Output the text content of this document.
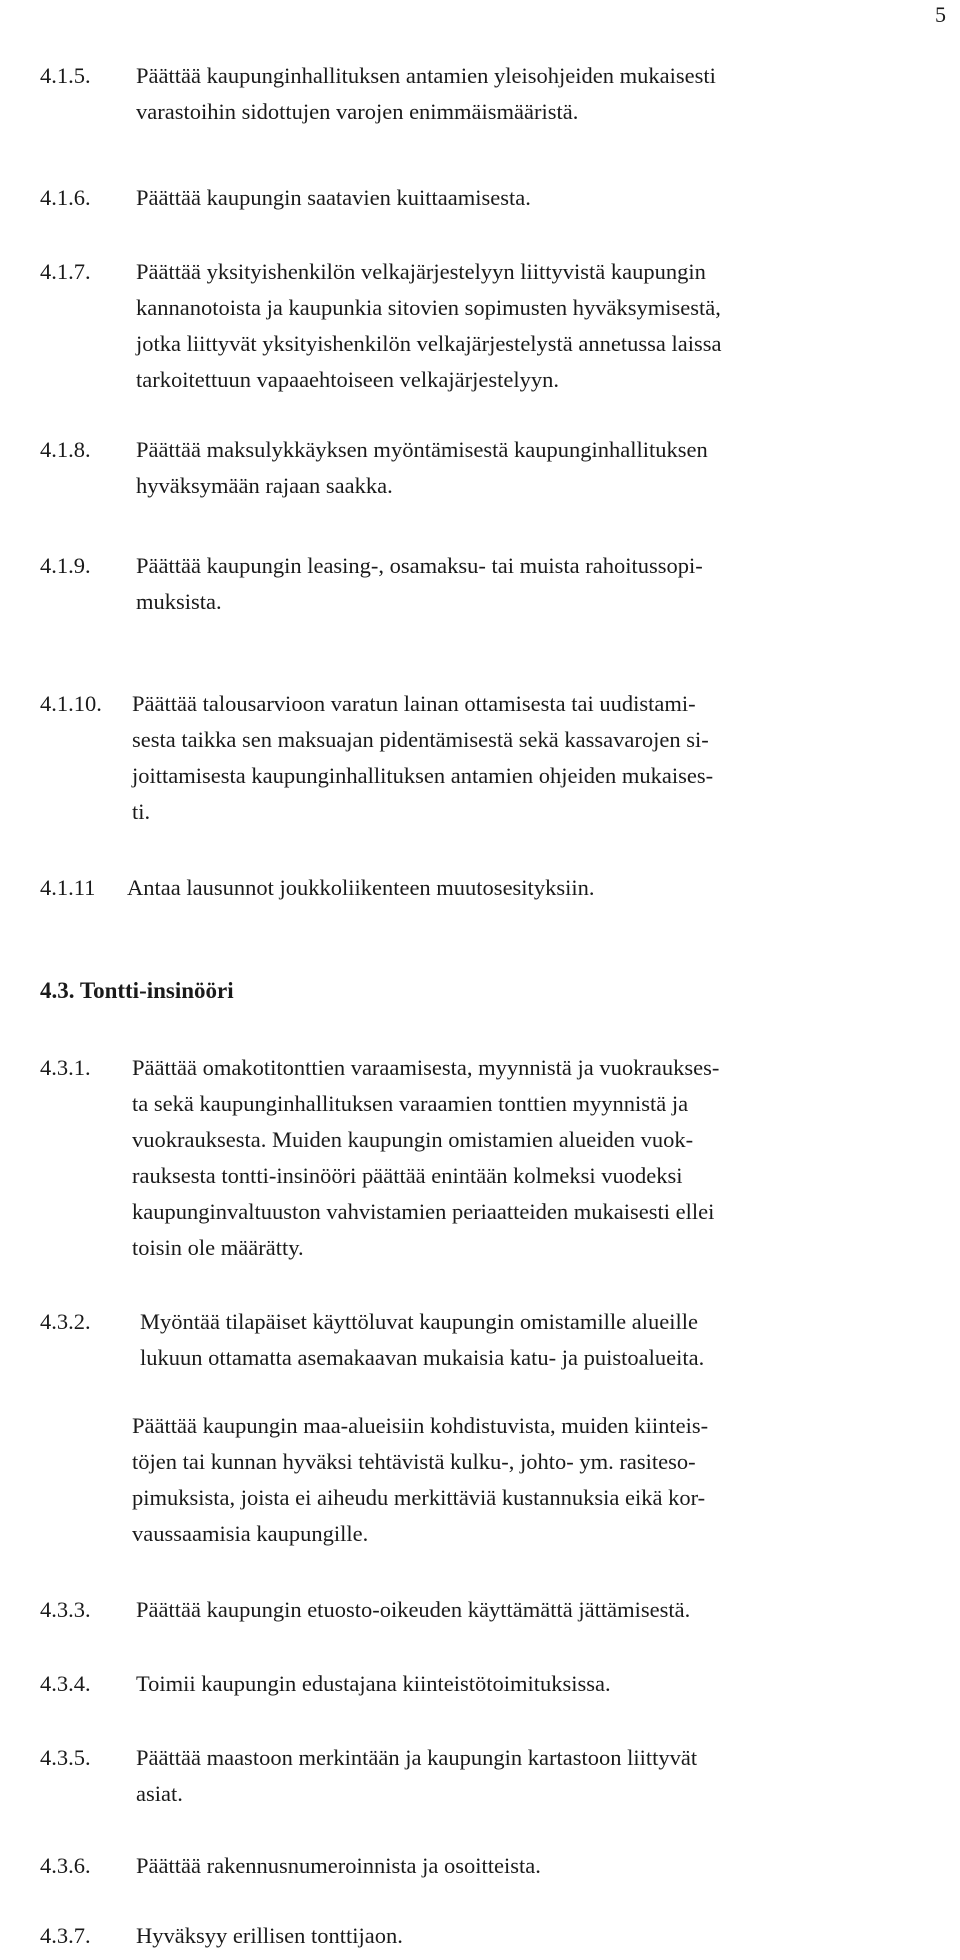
5
4.1.5. Päättää kaupunginhallituksen antamien yleisohjeiden mukaisesti
varastoihin sidottujen varojen enimmäismääristä.
4.1.6. Päättää kaupungin saatavien kuittaamisesta.
4.1.7. Päättää yksityishenkilön velkajärjestelyyn liittyvistä kaupungin
kannanotoista ja kaupunkia sitovien sopimusten hyväksymisestä,
jotka liittyvät yksityishenkilön velkajärjestelystä annetussa laissa
tarkoitettuun vapaaehtoiseen velkajärjestelyyn.
4.1.8. Päättää maksulykkäyksen myöntämisestä kaupunginhallituksen
hyväksymään rajaan saakka.
4.1.9. Päättää kaupungin leasing-, osamaksu- tai muista rahoitussopi-
muksista.
4.1.10. Päättää talousarvioon varatun lainan ottamisesta tai uudistami-
sesta taikka sen maksuajan pidentämisestä sekä kassavarojen si-
joittamisesta kaupunginhallituksen antamien ohjeiden mukaises-
ti.
4.1.11 Antaa lausunnot joukkoliikenteen muutosesityksiin.
4.3. Tontti-insinööri
4.3.1. Päättää omakotitonttien varaamisesta, myynnistä ja vuokraukses-
ta sekä kaupunginhallituksen varaamien tonttien myynnistä ja
vuokrauksesta. Muiden kaupungin omistamien alueiden vuok-
rauksesta tontti-insinööri päättää enintään kolmeksi vuodeksi
kaupunginvaltuuston vahvistamien periaatteiden mukaisesti ellei
toisin ole määrätty.
4.3.2. Myöntää tilapäiset käyttöluvat kaupungin omistamille alueille
lukuun ottamatta asemakaavan mukaisia katu- ja puistoalueita.
Päättää kaupungin maa-alueisiin kohdistuvista, muiden kiinteis-
töjen tai kunnan hyväksi tehtävistä kulku-, johto- ym. rasiteso-
pimuksista, joista ei aiheudu merkittäviä kustannuksia eikä kor-
vaussaamisia kaupungille.
4.3.3. Päättää kaupungin etuosto-oikeuden käyttämättä jättämisestä.
4.3.4. Toimii kaupungin edustajana kiinteistötoimituksissa.
4.3.5. Päättää maastoon merkintään ja kaupungin kartastoon liittyvät
asiat.
4.3.6. Päättää rakennusnumeroinnista ja osoitteista.
4.3.7. Hyväksyy erillisen tonttijaon.
